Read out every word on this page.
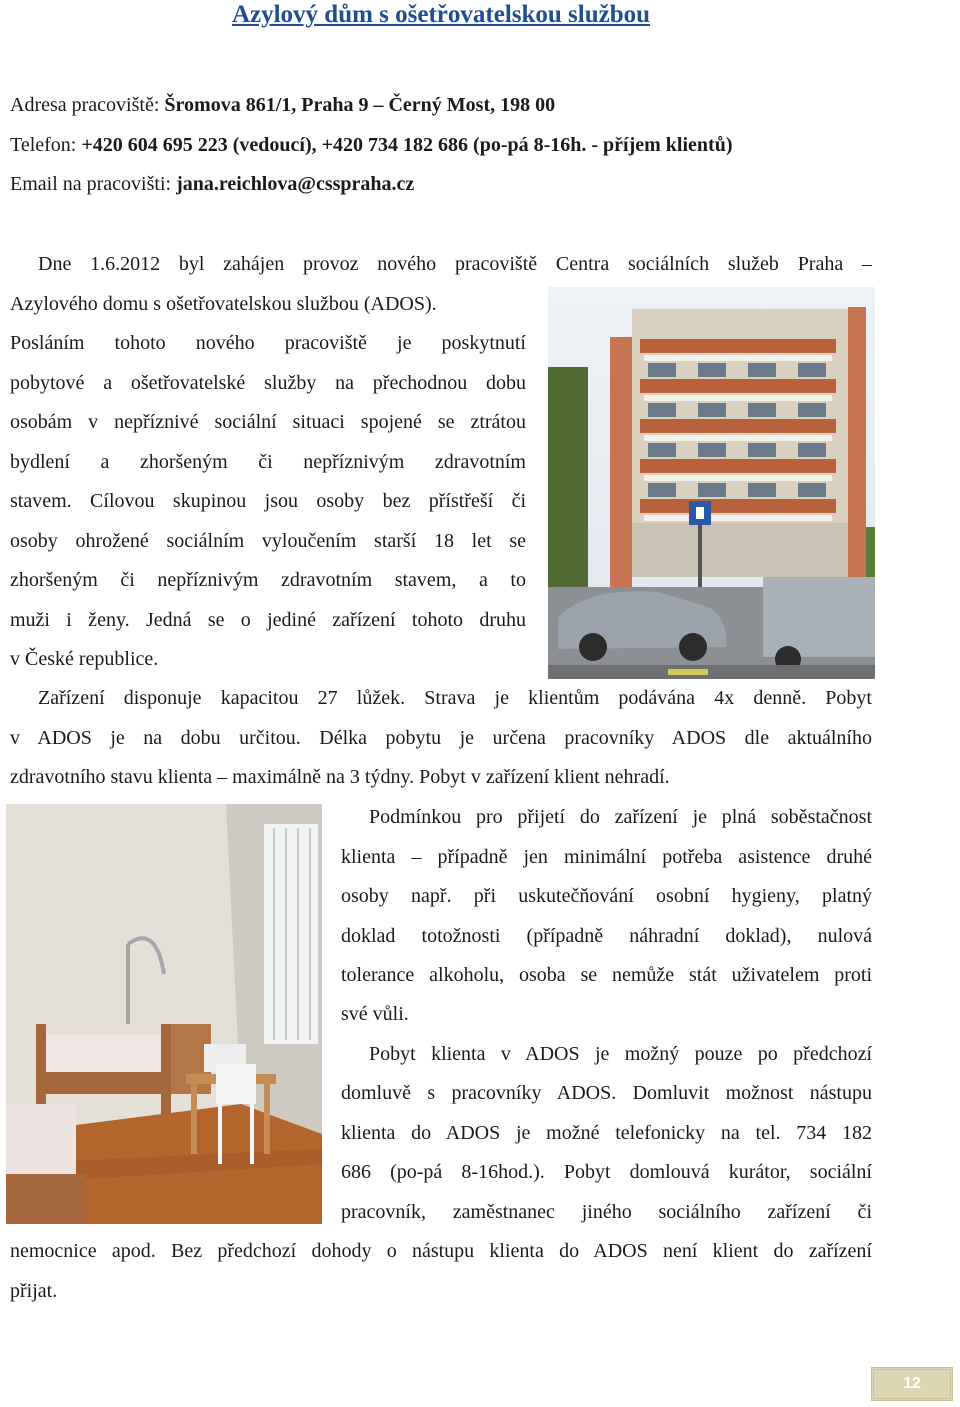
Azylový dům s ošetřovatelskou službou
Adresa pracoviště: Šromova 861/1, Praha 9 – Černý Most, 198 00
Telefon: +420 604 695 223 (vedoucí), +420 734 182 686 (po-pá 8-16h. - příjem klientů)
Email na pracovišti: jana.reichlova@csspraha.cz
Dne 1.6.2012 byl zahájen provoz nového pracoviště Centra sociálních služeb Praha –
Azylového domu s ošetřovatelskou službou (ADOS).
Posláním tohoto nového pracoviště je poskytnutí
pobytové a ošetřovatelské služby na přechodnou dobu
osobám v nepříznivé sociální situaci spojené se ztrátou
bydlení a zhoršeným či nepříznivým zdravotním
stavem. Cílovou skupinou jsou osoby bez přístřeší či
osoby ohrožené sociálním vyloučením starší 18 let se
zhoršeným či nepříznivým zdravotním stavem, a to
muži i ženy. Jedná se o jediné zařízení tohoto druhu
v České republice.
Zařízení disponuje kapacitou 27 lůžek. Strava je klientům podávána 4x denně. Pobyt
v ADOS je na dobu určitou. Délka pobytu je určena pracovníky ADOS dle aktuálního
zdravotního stavu klienta – maximálně na 3 týdny. Pobyt v zařízení klient nehradí.
Podmínkou pro přijetí do zařízení je plná soběstačnost
klienta – případně jen minimální potřeba asistence druhé
osoby např. při uskutečňování osobní hygieny, platný
doklad totožnosti (případně náhradní doklad), nulová
tolerance alkoholu, osoba se nemůže stát uživatelem proti
své vůli.
Pobyt klienta v ADOS je možný pouze po předchozí
domluvě s pracovníky ADOS. Domluvit možnost nástupu
klienta do ADOS je možné telefonicky na tel. 734 182
686 (po-pá 8-16hod.). Pobyt domlouvá kurátor, sociální
pracovník, zaměstnanec jiného sociálního zařízení či
nemocnice apod. Bez předchozí dohody o nástupu klienta do ADOS není klient do zařízení
přijat.
12
